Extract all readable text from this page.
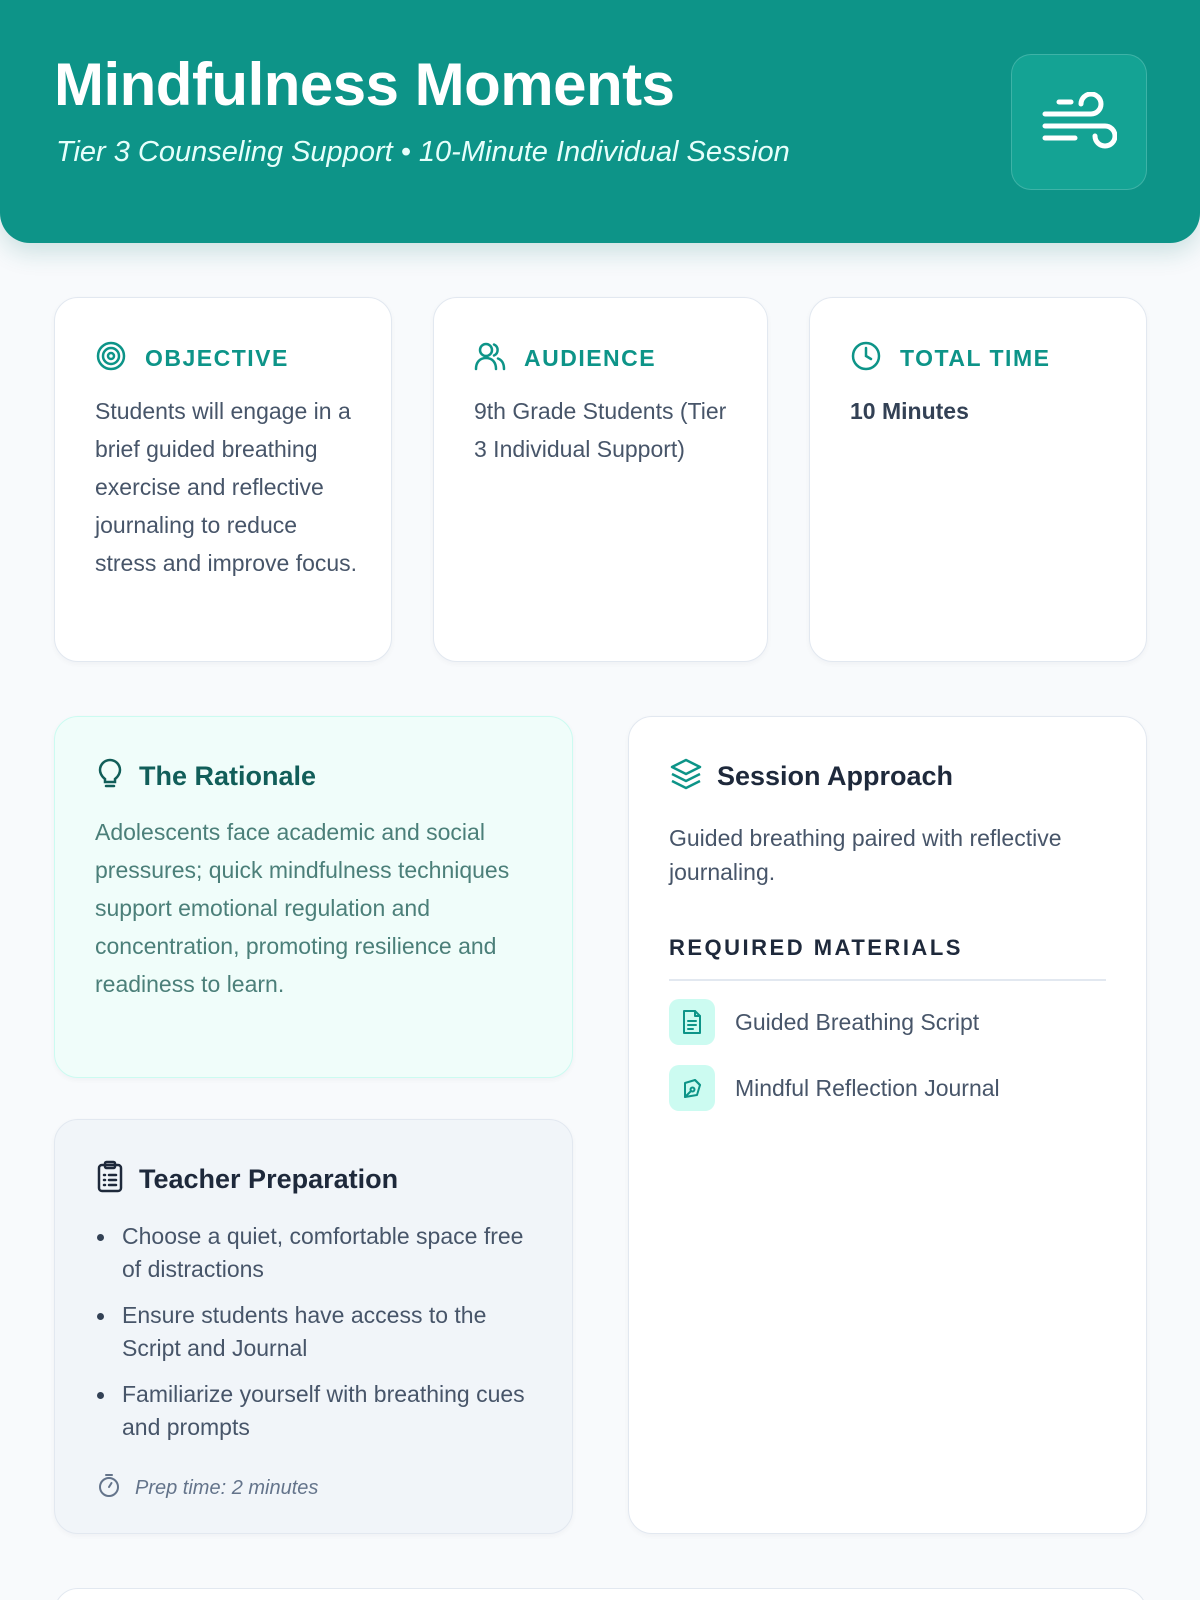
Mindfulness Moments
Tier 3 Counseling Support • 10-Minute Individual Session
OBJECTIVE
Students will engage in a brief guided breathing exercise and reflective journaling to reduce stress and improve focus.
AUDIENCE
9th Grade Students (Tier 3 Individual Support)
TOTAL TIME
10 Minutes
The Rationale
Adolescents face academic and social pressures; quick mindfulness techniques support emotional regulation and concentration, promoting resilience and readiness to learn.
Session Approach
Guided breathing paired with reflective journaling.
REQUIRED MATERIALS
Guided Breathing Script
Mindful Reflection Journal
Teacher Preparation
Choose a quiet, comfortable space free of distractions
Ensure students have access to the Script and Journal
Familiarize yourself with breathing cues and prompts
Prep time: 2 minutes
